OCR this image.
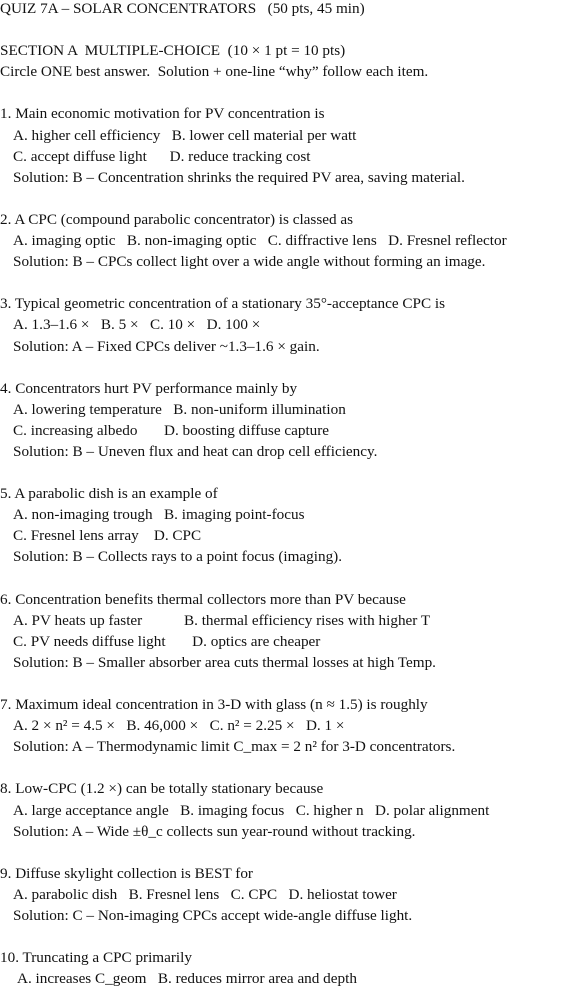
QUIZ 7A – SOLAR CONCENTRATORS   (50 pts, 45 min)
SECTION A  MULTIPLE-CHOICE  (10 × 1 pt = 10 pts)
Circle ONE best answer.  Solution + one-line “why” follow each item.
1. Main economic motivation for PV concentration is
A. higher cell efficiency   B. lower cell material per watt
C. accept diffuse light      D. reduce tracking cost
Solution: B – Concentration shrinks the required PV area, saving material.
2. A CPC (compound parabolic concentrator) is classed as
A. imaging optic   B. non-imaging optic   C. diffractive lens   D. Fresnel reflector
Solution: B – CPCs collect light over a wide angle without forming an image.
3. Typical geometric concentration of a stationary 35°-acceptance CPC is
A. 1.3–1.6 ×   B. 5 ×   C. 10 ×   D. 100 ×
Solution: A – Fixed CPCs deliver ~1.3–1.6 × gain.
4. Concentrators hurt PV performance mainly by
A. lowering temperature   B. non-uniform illumination
C. increasing albedo       D. boosting diffuse capture
Solution: B – Uneven flux and heat can drop cell efficiency.
5. A parabolic dish is an example of
A. non-imaging trough   B. imaging point-focus
C. Fresnel lens array    D. CPC
Solution: B – Collects rays to a point focus (imaging).
6. Concentration benefits thermal collectors more than PV because
A. PV heats up faster           B. thermal efficiency rises with higher T
C. PV needs diffuse light       D. optics are cheaper
Solution: B – Smaller absorber area cuts thermal losses at high Temp.
7. Maximum ideal concentration in 3-D with glass (n ≈ 1.5) is roughly
A. 2 × n² = 4.5 ×   B. 46,000 ×   C. n² = 2.25 ×   D. 1 ×
Solution: A – Thermodynamic limit C_max = 2 n² for 3-D concentrators.
8. Low-CPC (1.2 ×) can be totally stationary because
A. large acceptance angle   B. imaging focus   C. higher n   D. polar alignment
Solution: A – Wide ±θ_c collects sun year-round without tracking.
9. Diffuse skylight collection is BEST for
A. parabolic dish   B. Fresnel lens   C. CPC   D. heliostat tower
Solution: C – Non-imaging CPCs accept wide-angle diffuse light.
10. Truncating a CPC primarily
A. increases C_geom   B. reduces mirror area and depth
